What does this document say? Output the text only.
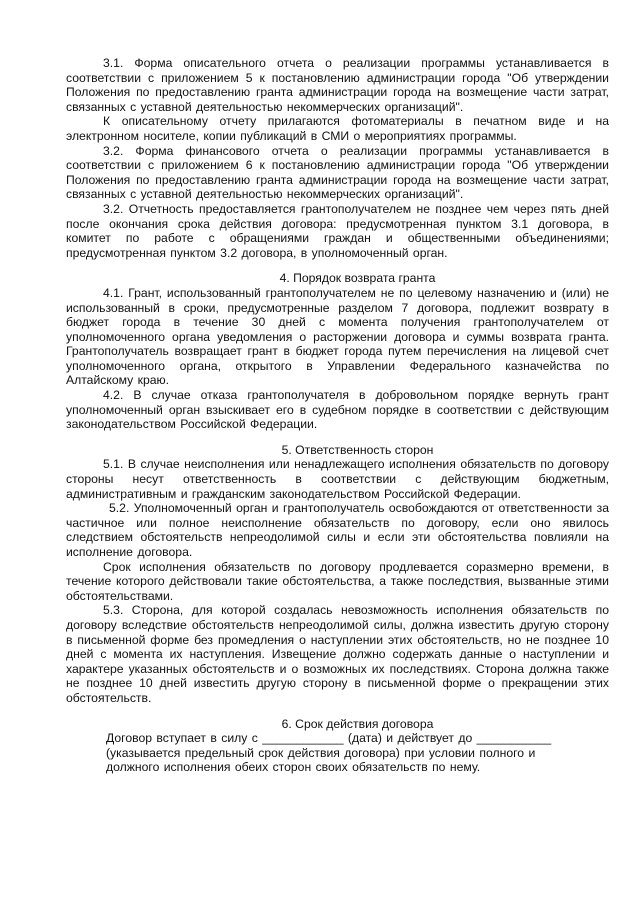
3.1. Форма описательного отчета о реализации программы устанавливается в соответствии с приложением 5 к постановлению администрации города "Об утверждении Положения по предоставлению гранта администрации города на возмещение части затрат, связанных с уставной деятельностью некоммерческих организаций".

К описательному отчету прилагаются фотоматериалы в печатном виде и на электронном носителе, копии публикаций в СМИ о мероприятиях программы.

3.2. Форма финансового отчета о реализации программы устанавливается в соответствии с приложением 6 к постановлению администрации города "Об утверждении Положения по предоставлению гранта администрации города на возмещение части затрат, связанных с уставной деятельностью некоммерческих организаций".

3.2. Отчетность предоставляется грантополучателем не позднее чем через пять дней после окончания срока действия договора: предусмотренная пунктом 3.1 договора, в комитет по работе с обращениями граждан и общественными объединениями; предусмотренная пунктом 3.2 договора, в уполномоченный орган.

4. Порядок возврата гранта

4.1. Грант, использованный грантополучателем не по целевому назначению и (или) не использованный в сроки, предусмотренные разделом 7 договора, подлежит возврату в бюджет города в течение 30 дней с момента получения грантополучателем от уполномоченного органа уведомления о расторжении договора и суммы возврата гранта. Грантополучатель возвращает грант в бюджет города путем перечисления на лицевой счет уполномоченного органа, открытого в Управлении Федерального казначейства по Алтайскому краю.

4.2. В случае отказа грантополучателя в добровольном порядке вернуть грант уполномоченный орган взыскивает его в судебном порядке в соответствии с действующим законодательством Российской Федерации.

5. Ответственность сторон

5.1. В случае неисполнения или ненадлежащего исполнения обязательств по договору стороны несут ответственность в соответствии с действующим бюджетным, административным и гражданским законодательством Российской Федерации.

5.2. Уполномоченный орган и грантополучатель освобождаются от ответственности за частичное или полное неисполнение обязательств по договору, если оно явилось следствием обстоятельств непреодолимой силы и если эти обстоятельства повлияли на исполнение договора.

Срок исполнения обязательств по договору продлевается соразмерно времени, в течение которого действовали такие обстоятельства, а также последствия, вызванные этими обстоятельствами.

5.3. Сторона, для которой создалась невозможность исполнения обязательств по договору вследствие обстоятельств непреодолимой силы, должна известить другую сторону в письменной форме без промедления о наступлении этих обстоятельств, но не позднее 10 дней с момента их наступления. Извещение должно содержать данные о наступлении и характере указанных обстоятельств и о возможных их последствиях. Сторона должна также не позднее 10 дней известить другую сторону в письменной форме о прекращении этих обстоятельств.

6. Срок действия договора

Договор вступает в силу с ____________ (дата) и действует до ___________

(указывается предельный срок действия договора) при условии полного и

должного исполнения обеих сторон своих обязательств по нему.
